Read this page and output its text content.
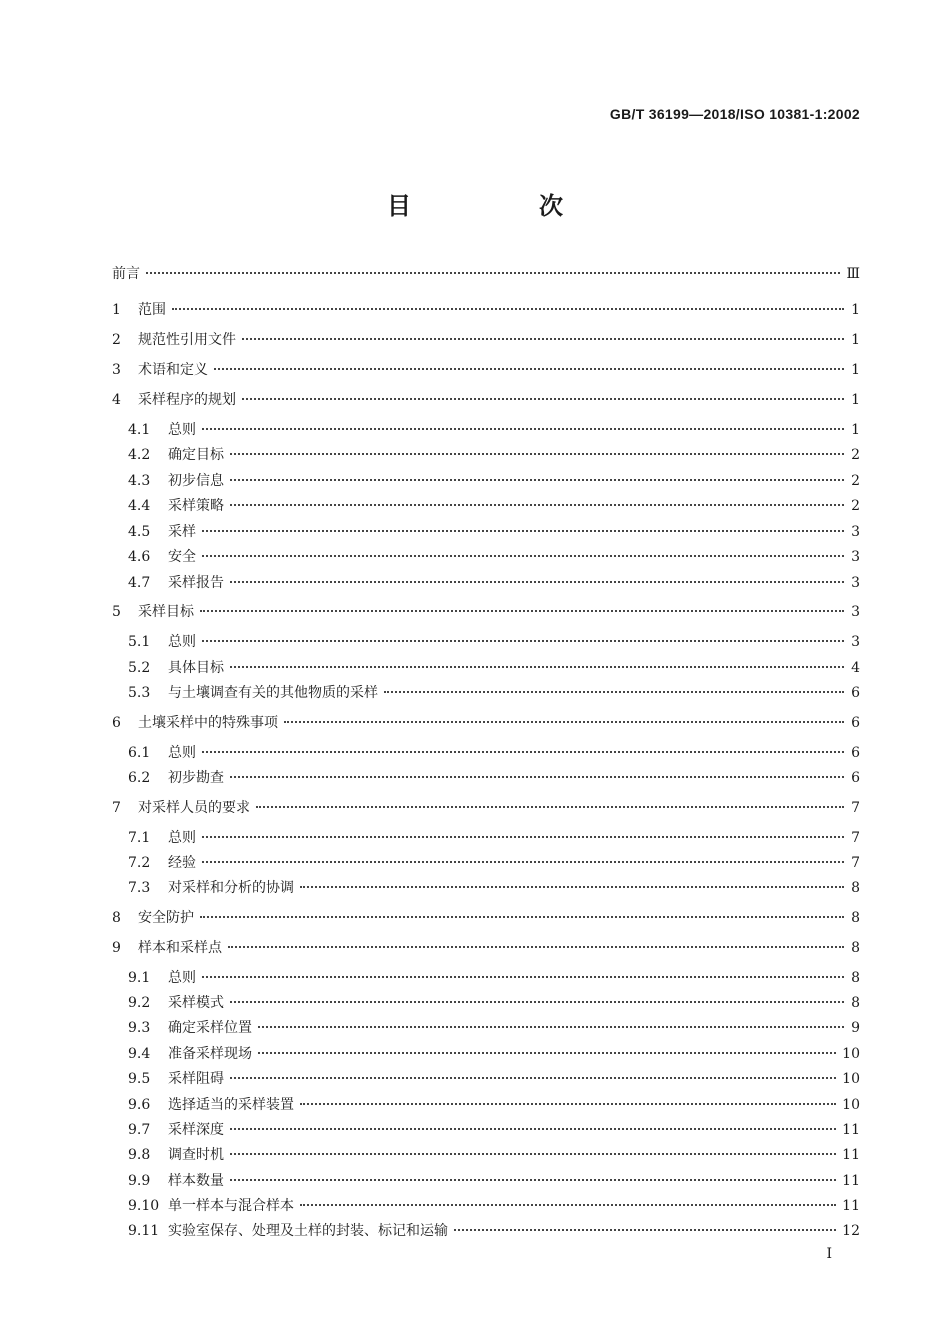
GB/T 36199—2018/ISO 10381-1:2002
目　次
前言	Ⅲ
1	范围	1
2	规范性引用文件	1
3	术语和定义	1
4	采样程序的规划	1
4.1	总则	1
4.2	确定目标	2
4.3	初步信息	2
4.4	采样策略	2
4.5	采样	3
4.6	安全	3
4.7	采样报告	3
5	采样目标	3
5.1	总则	3
5.2	具体目标	4
5.3	与土壤调查有关的其他物质的采样	6
6	土壤采样中的特殊事项	6
6.1	总则	6
6.2	初步勘查	6
7	对采样人员的要求	7
7.1	总则	7
7.2	经验	7
7.3	对采样和分析的协调	8
8	安全防护	8
9	样本和采样点	8
9.1	总则	8
9.2	采样模式	8
9.3	确定采样位置	9
9.4	准备采样现场	10
9.5	采样阻碍	10
9.6	选择适当的采样装置	10
9.7	采样深度	11
9.8	调查时机	11
9.9	样本数量	11
9.10 单一样本与混合样本	11
9.11 实验室保存、处理及土样的封装、标记和运输	12
I
